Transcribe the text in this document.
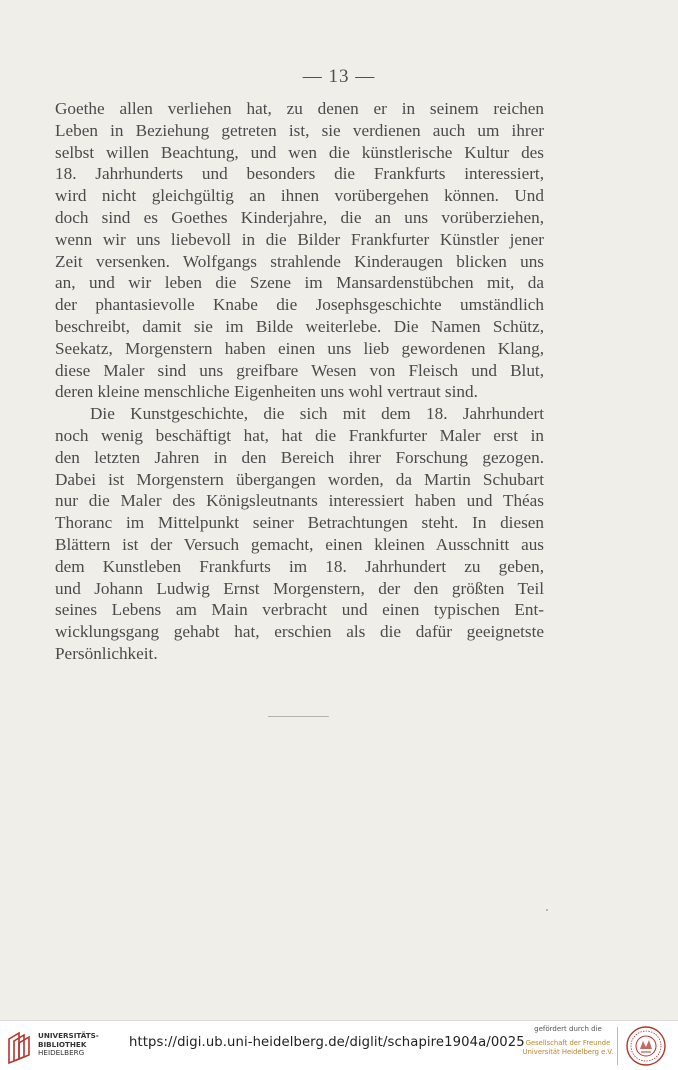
— 13 —
Goethe allen verliehen hat, zu denen er in seinem reichen
Leben in Beziehung getreten ist, sie verdienen auch um ihrer
selbst willen Beachtung, und wen die künstlerische Kultur des
18. Jahrhunderts und besonders die Frankfurts interessiert,
wird nicht gleichgültig an ihnen vorübergehen können. Und
doch sind es Goethes Kinderjahre, die an uns vorüberziehen,
wenn wir uns liebevoll in die Bilder Frankfurter Künstler jener
Zeit versenken. Wolfgangs strahlende Kinderaugen blicken uns
an, und wir leben die Szene im Mansardenstübchen mit, da
der phantasievolle Knabe die Josephsgeschichte umständlich
beschreibt, damit sie im Bilde weiterlebe. Die Namen Schütz,
Seekatz, Morgenstern haben einen uns lieb gewordenen Klang,
diese Maler sind uns greifbare Wesen von Fleisch und Blut,
deren kleine menschliche Eigenheiten uns wohl vertraut sind.
Die Kunstgeschichte, die sich mit dem 18. Jahrhundert
noch wenig beschäftigt hat, hat die Frankfurter Maler erst in
den letzten Jahren in den Bereich ihrer Forschung gezogen.
Dabei ist Morgenstern übergangen worden, da Martin Schubart
nur die Maler des Königsleutnants interessiert haben und Théas
Thoranc im Mittelpunkt seiner Betrachtungen steht. In diesen
Blättern ist der Versuch gemacht, einen kleinen Ausschnitt aus
dem Kunstleben Frankfurts im 18. Jahrhundert zu geben,
und Johann Ludwig Ernst Morgenstern, der den größten Teil
seines Lebens am Main verbracht und einen typischen Ent-
wicklungsgang gehabt hat, erschien als die dafür geeignetste
Persönlichkeit.
UNIVERSITÄTS-
BIBLIOTHEK
HEIDELBERG
https://digi.ub.uni-heidelberg.de/diglit/schapire1904a/0025
gefördert durch die
Gesellschaft der Freunde
Universität Heidelberg e.V.
